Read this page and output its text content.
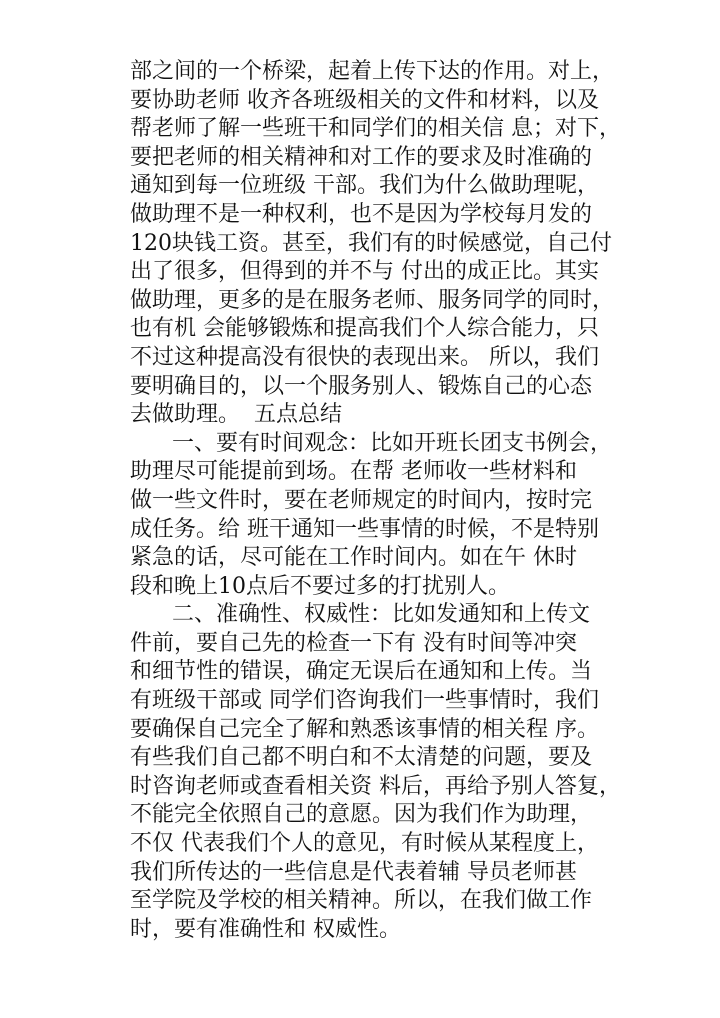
部之间的一个桥梁，起着上传下达的作用。对上，
要协助老师 收齐各班级相关的文件和材料，以及
帮老师了解一些班干和同学们的相关信 息；对下，
要把老师的相关精神和对工作的要求及时准确的
通知到每一位班级 干部。我们为什么做助理呢，
做助理不是一种权利，也不是因为学校每月发的
120块钱工资。甚至，我们有的时候感觉，自己付
出了很多，但得到的并不与 付出的成正比。其实
做助理，更多的是在服务老师、服务同学的同时，
也有机 会能够锻炼和提高我们个人综合能力，只
不过这种提高没有很快的表现出来。 所以，我们
要明确目的，以一个服务别人、锻炼自己的心态
去做助理。  五点总结
一、要有时间观念：比如开班长团支书例会，
助理尽可能提前到场。在帮 老师收一些材料和
做一些文件时，要在老师规定的时间内，按时完
成任务。给 班干通知一些事情的时候，不是特别
紧急的话，尽可能在工作时间内。如在午 休时
段和晚上10点后不要过多的打扰别人。
二、准确性、权威性：比如发通知和上传文
件前，要自己先的检查一下有 没有时间等冲突
和细节性的错误，确定无误后在通知和上传。当
有班级干部或 同学们咨询我们一些事情时，我们
要确保自己完全了解和熟悉该事情的相关程 序。
有些我们自己都不明白和不太清楚的问题，要及
时咨询老师或查看相关资 料后，再给予别人答复，
不能完全依照自己的意愿。因为我们作为助理，
不仅 代表我们个人的意见，有时候从某程度上，
我们所传达的一些信息是代表着辅 导员老师甚
至学院及学校的相关精神。所以，在我们做工作
时，要有准确性和 权威性。
